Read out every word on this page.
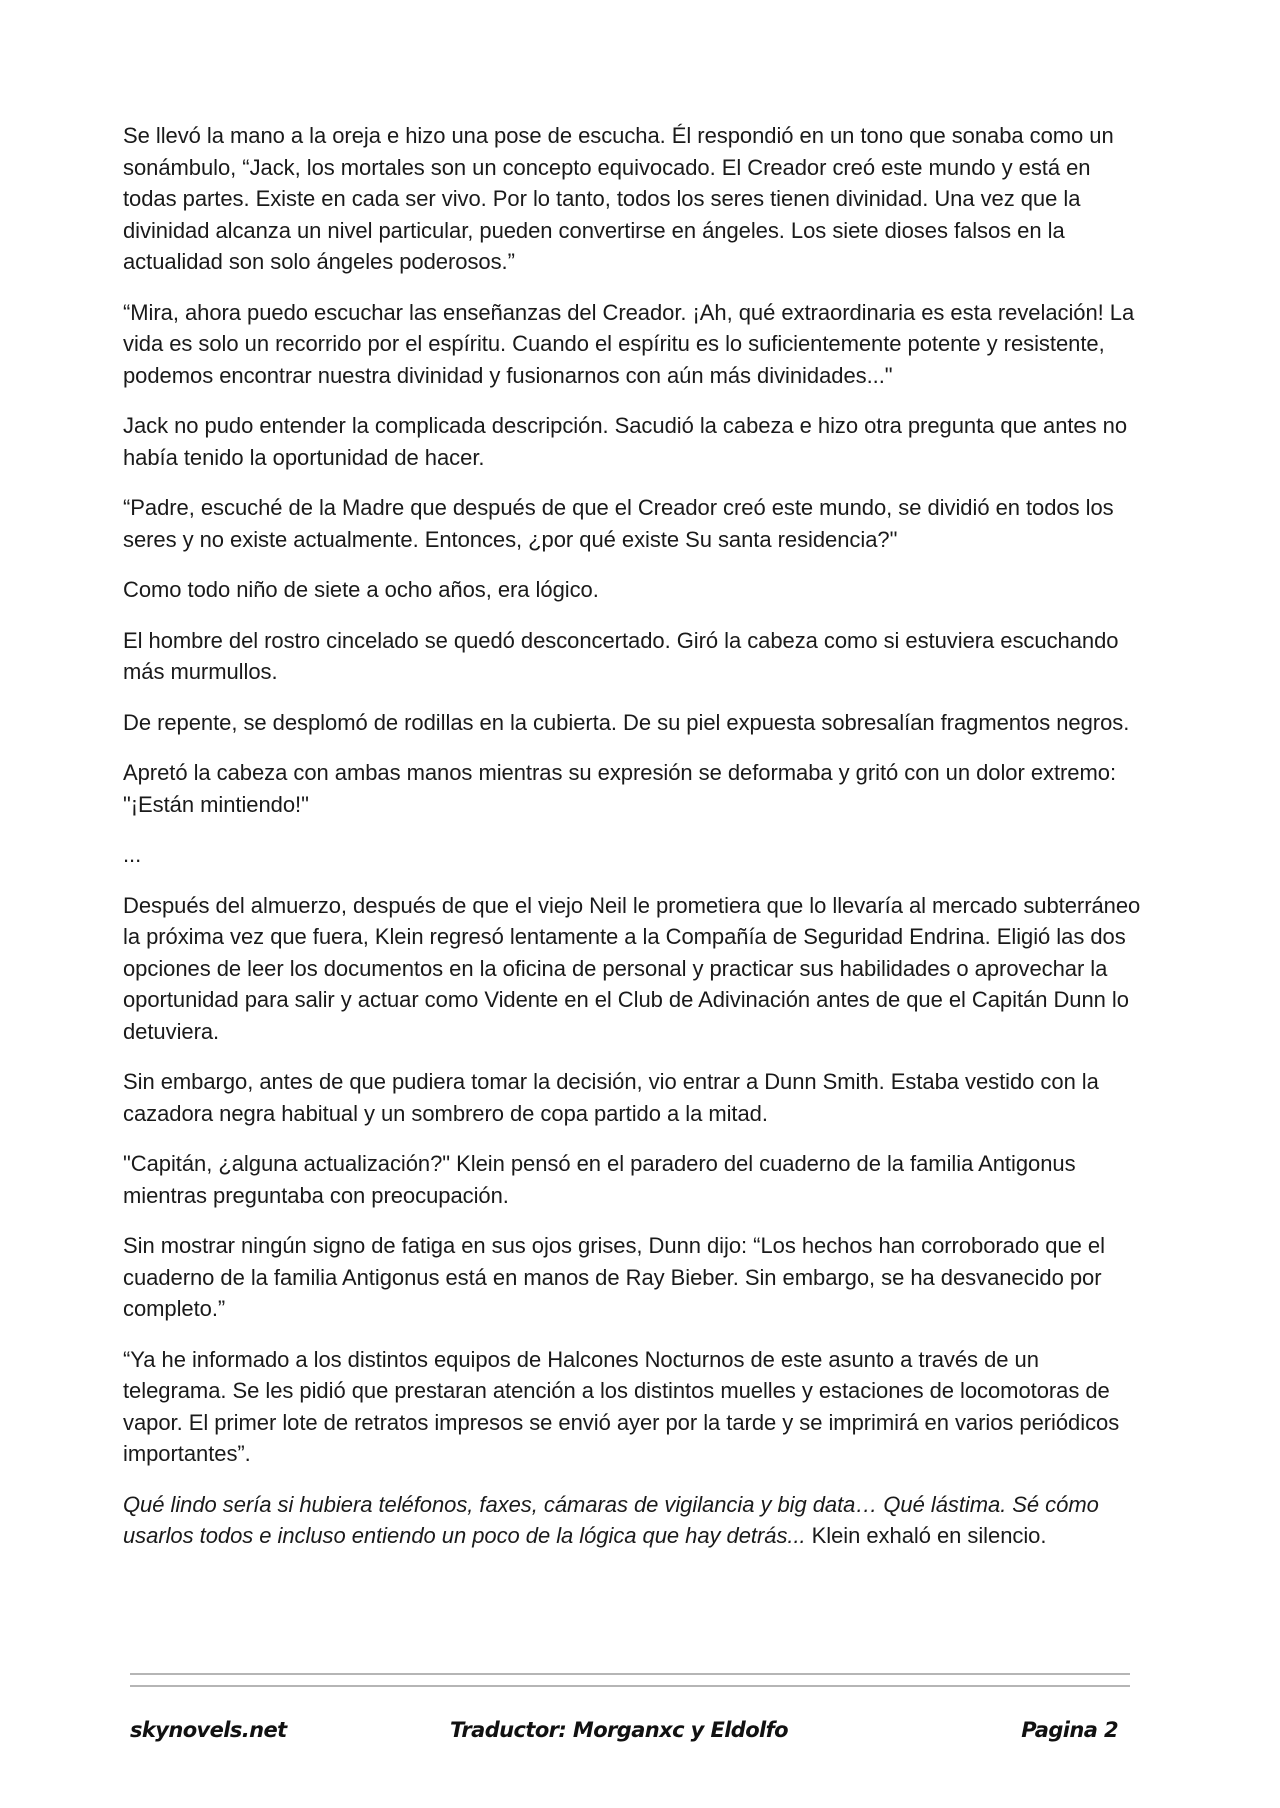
Se llevó la mano a la oreja e hizo una pose de escucha. Él respondió en un tono que sonaba como un sonámbulo, “Jack, los mortales son un concepto equivocado. El Creador creó este mundo y está en todas partes. Existe en cada ser vivo. Por lo tanto, todos los seres tienen divinidad. Una vez que la divinidad alcanza un nivel particular, pueden convertirse en ángeles. Los siete dioses falsos en la actualidad son solo ángeles poderosos.”

“Mira, ahora puedo escuchar las enseñanzas del Creador. ¡Ah, qué extraordinaria es esta revelación! La vida es solo un recorrido por el espíritu. Cuando el espíritu es lo suficientemente potente y resistente, podemos encontrar nuestra divinidad y fusionarnos con aún más divinidades..."

Jack no pudo entender la complicada descripción. Sacudió la cabeza e hizo otra pregunta que antes no había tenido la oportunidad de hacer.

“Padre, escuché de la Madre que después de que el Creador creó este mundo, se dividió en todos los seres y no existe actualmente. Entonces, ¿por qué existe Su santa residencia?"

Como todo niño de siete a ocho años, era lógico.

El hombre del rostro cincelado se quedó desconcertado. Giró la cabeza como si estuviera escuchando más murmullos.

De repente, se desplomó de rodillas en la cubierta. De su piel expuesta sobresalían fragmentos negros.

Apretó la cabeza con ambas manos mientras su expresión se deformaba y gritó con un dolor extremo: "¡Están mintiendo!"

...

Después del almuerzo, después de que el viejo Neil le prometiera que lo llevaría al mercado subterráneo la próxima vez que fuera, Klein regresó lentamente a la Compañía de Seguridad Endrina. Eligió las dos opciones de leer los documentos en la oficina de personal y practicar sus habilidades o aprovechar la oportunidad para salir y actuar como Vidente en el Club de Adivinación antes de que el Capitán Dunn lo detuviera.

Sin embargo, antes de que pudiera tomar la decisión, vio entrar a Dunn Smith. Estaba vestido con la cazadora negra habitual y un sombrero de copa partido a la mitad.

"Capitán, ¿alguna actualización?" Klein pensó en el paradero del cuaderno de la familia Antigonus mientras preguntaba con preocupación.

Sin mostrar ningún signo de fatiga en sus ojos grises, Dunn dijo: “Los hechos han corroborado que el cuaderno de la familia Antigonus está en manos de Ray Bieber. Sin embargo, se ha desvanecido por completo.”

“Ya he informado a los distintos equipos de Halcones Nocturnos de este asunto a través de un telegrama. Se les pidió que prestaran atención a los distintos muelles y estaciones de locomotoras de vapor. El primer lote de retratos impresos se envió ayer por la tarde y se imprimirá en varios periódicos importantes”.

Qué lindo sería si hubiera teléfonos, faxes, cámaras de vigilancia y big data… Qué lástima. Sé cómo usarlos todos e incluso entiendo un poco de la lógica que hay detrás... Klein exhaló en silencio.

skynovels.net	Traductor: Morganxc y Eldolfo	Pagina 2
